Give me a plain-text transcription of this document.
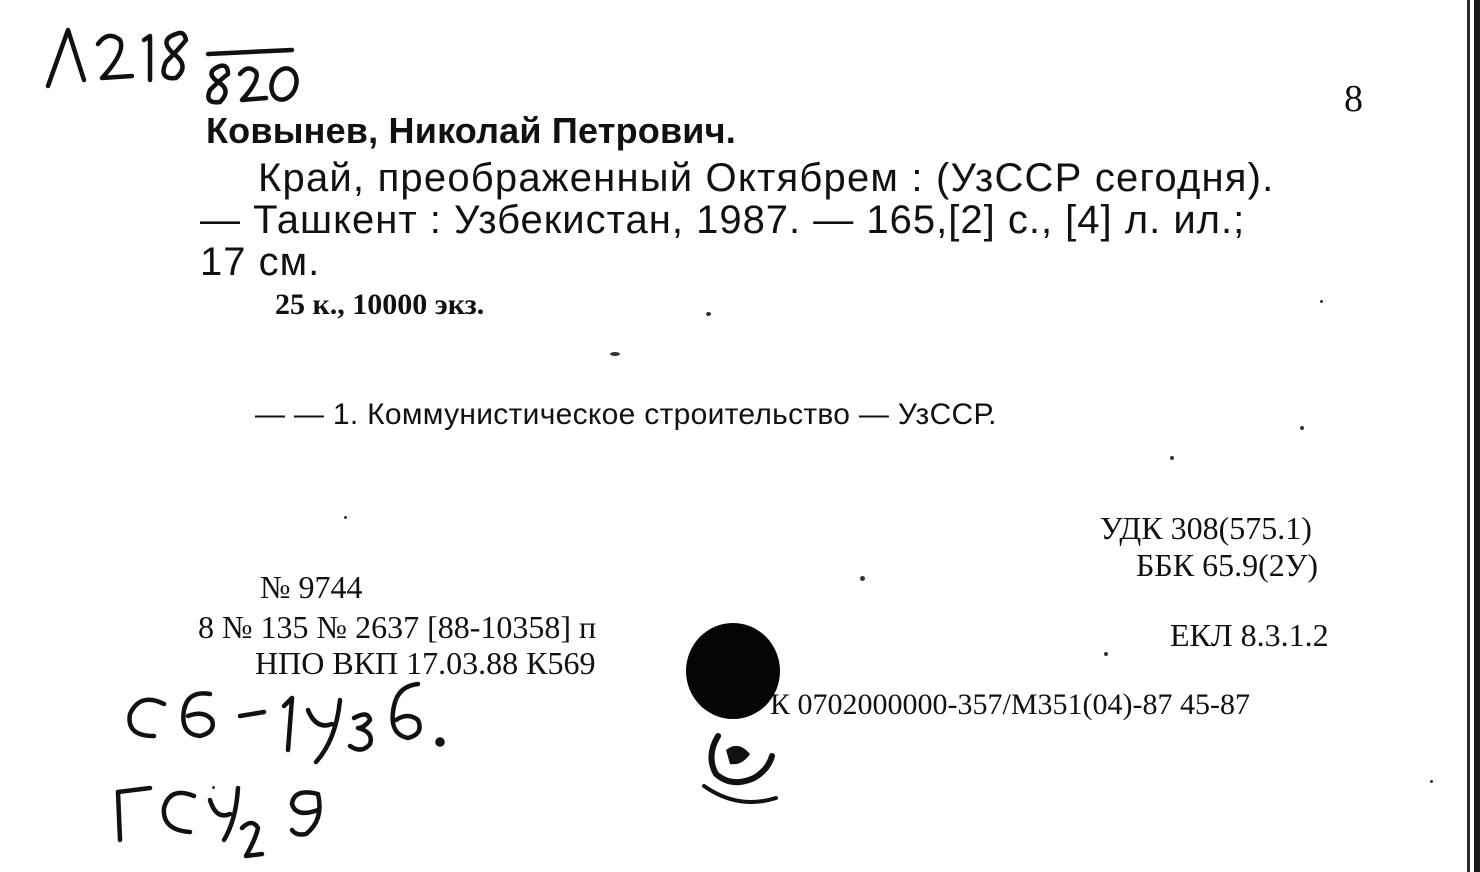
8
Ковынев, Николай Петрович.
Край, преображенный Октябрем : (УзССР сегодня).
— Ташкент : Узбекистан, 1987. — 165,[2] с., [4] л. ил.;
17 см.
25 к., 10000 экз.
— — 1. Коммунистическое строительство — УзССР.
УДК 308(575.1)
ББК 65.9(2У)
№ 9744
8 № 135 № 2637 [88-10358] п	ЕКЛ 8.3.1.2
НПО ВКП 17.03.88 К569
К 0702000000-357/М351(04)-87 45-87
